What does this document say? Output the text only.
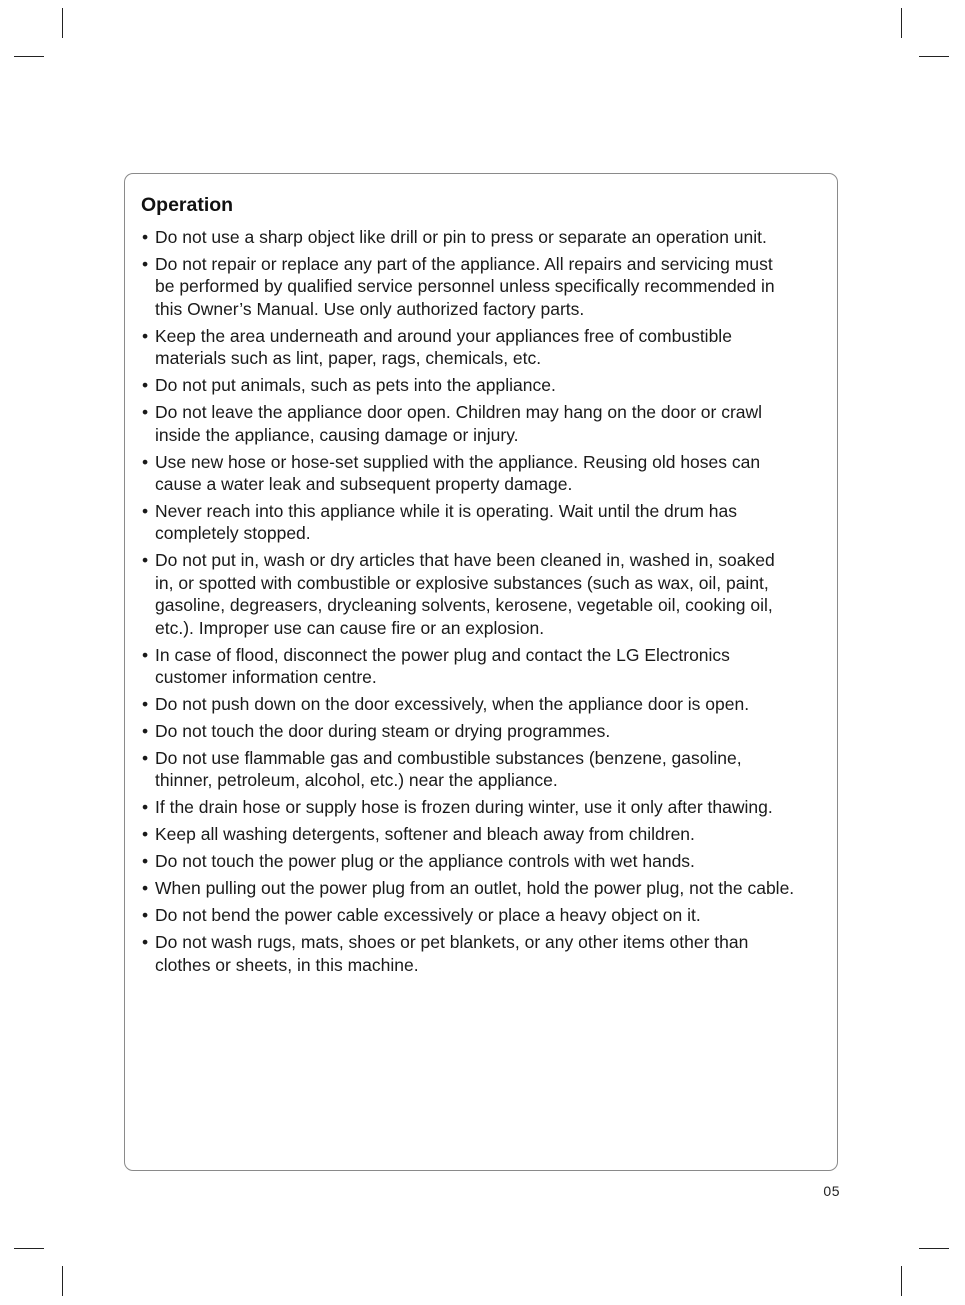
Operation
• Do not use a sharp object like drill or pin to press or separate an operation unit.
• Do not repair or replace any part of the appliance. All repairs and servicing must
be performed by qualified service personnel unless specifically recommended in
this Owner’s Manual. Use only authorized factory parts.
• Keep the area underneath and around your appliances free of combustible
materials such as lint, paper, rags, chemicals, etc.
• Do not put animals, such as pets into the appliance.
• Do not leave the appliance door open. Children may hang on the door or crawl
inside the appliance, causing damage or injury.
• Use new hose or hose-set supplied with the appliance. Reusing old hoses can
cause a water leak and subsequent property damage.
• Never reach into this appliance while it is operating. Wait until the drum has
completely stopped.
• Do not put in, wash or dry articles that have been cleaned in, washed in, soaked
in, or spotted with combustible or explosive substances (such as wax, oil, paint,
gasoline, degreasers, drycleaning solvents, kerosene, vegetable oil, cooking oil,
etc.). Improper use can cause fire or an explosion.
• In case of flood, disconnect the power plug and contact the LG Electronics
customer information centre.
• Do not push down on the door excessively, when the appliance door is open.
• Do not touch the door during steam or drying programmes.
• Do not use flammable gas and combustible substances (benzene, gasoline,
thinner, petroleum, alcohol, etc.) near the appliance.
• If the drain hose or supply hose is frozen during winter, use it only after thawing.
• Keep all washing detergents, softener and bleach away from children.
• Do not touch the power plug or the appliance controls with wet hands.
• When pulling out the power plug from an outlet, hold the power plug, not the cable.
• Do not bend the power cable excessively or place a heavy object on it.
• Do not wash rugs, mats, shoes or pet blankets, or any other items other than
clothes or sheets, in this machine.
05
